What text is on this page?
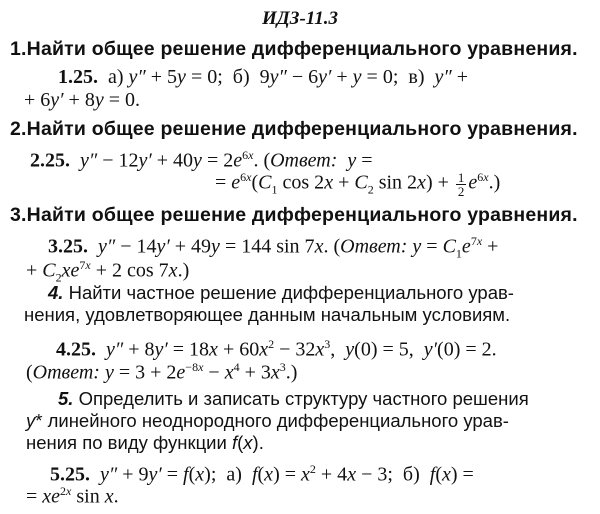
ИДЗ-11.3
1.Найти общее решение дифференциального уравнения.
1.25.  а) y″ + 5y = 0;  б)  9y″ − 6y′ + y = 0;  в)  y″ +
+ 6y′ + 8y = 0.
2.Найти общее решение дифференциального уравнения.
2.25. $y'' - 12y' + 40y = 2e^{6x}$. (Ответ:  y =
= $e^{6x}(C_1$ $\cos 2x + C_2$ $\sin 2x) + \frac{1}{2} e^{6x}$.)
3.Найти общее решение дифференциального уравнения.
3.25. y″ − 14y′ + 49y = 144 sin 7x. (Ответ: $y = C_1e^{7x}$ +
+ $C_2xe^{7x} + 2$ cos 7x.)
4. Найти частное решение дифференциального урав-
нения, удовлетворяющее данным начальным условиям.
4.25. $y'' + 8y' = 18x + 60x^2 - 32x^3$,  y(0) = 5,  y′(0) = 2.
(Ответ: $y = 3 + 2e^{-8x} - x^4 + 3x^3$.)
5. Определить и записать структуру частного решения
y* линейного неоднородного дифференциального урав-
нения по виду функции f(x).
5.25. y″ + 9y′ = f(x);  а)  $f(x) = x^2 + 4x - 3$;  б)  f(x) =
= $xe^{2x}$ sin x.
